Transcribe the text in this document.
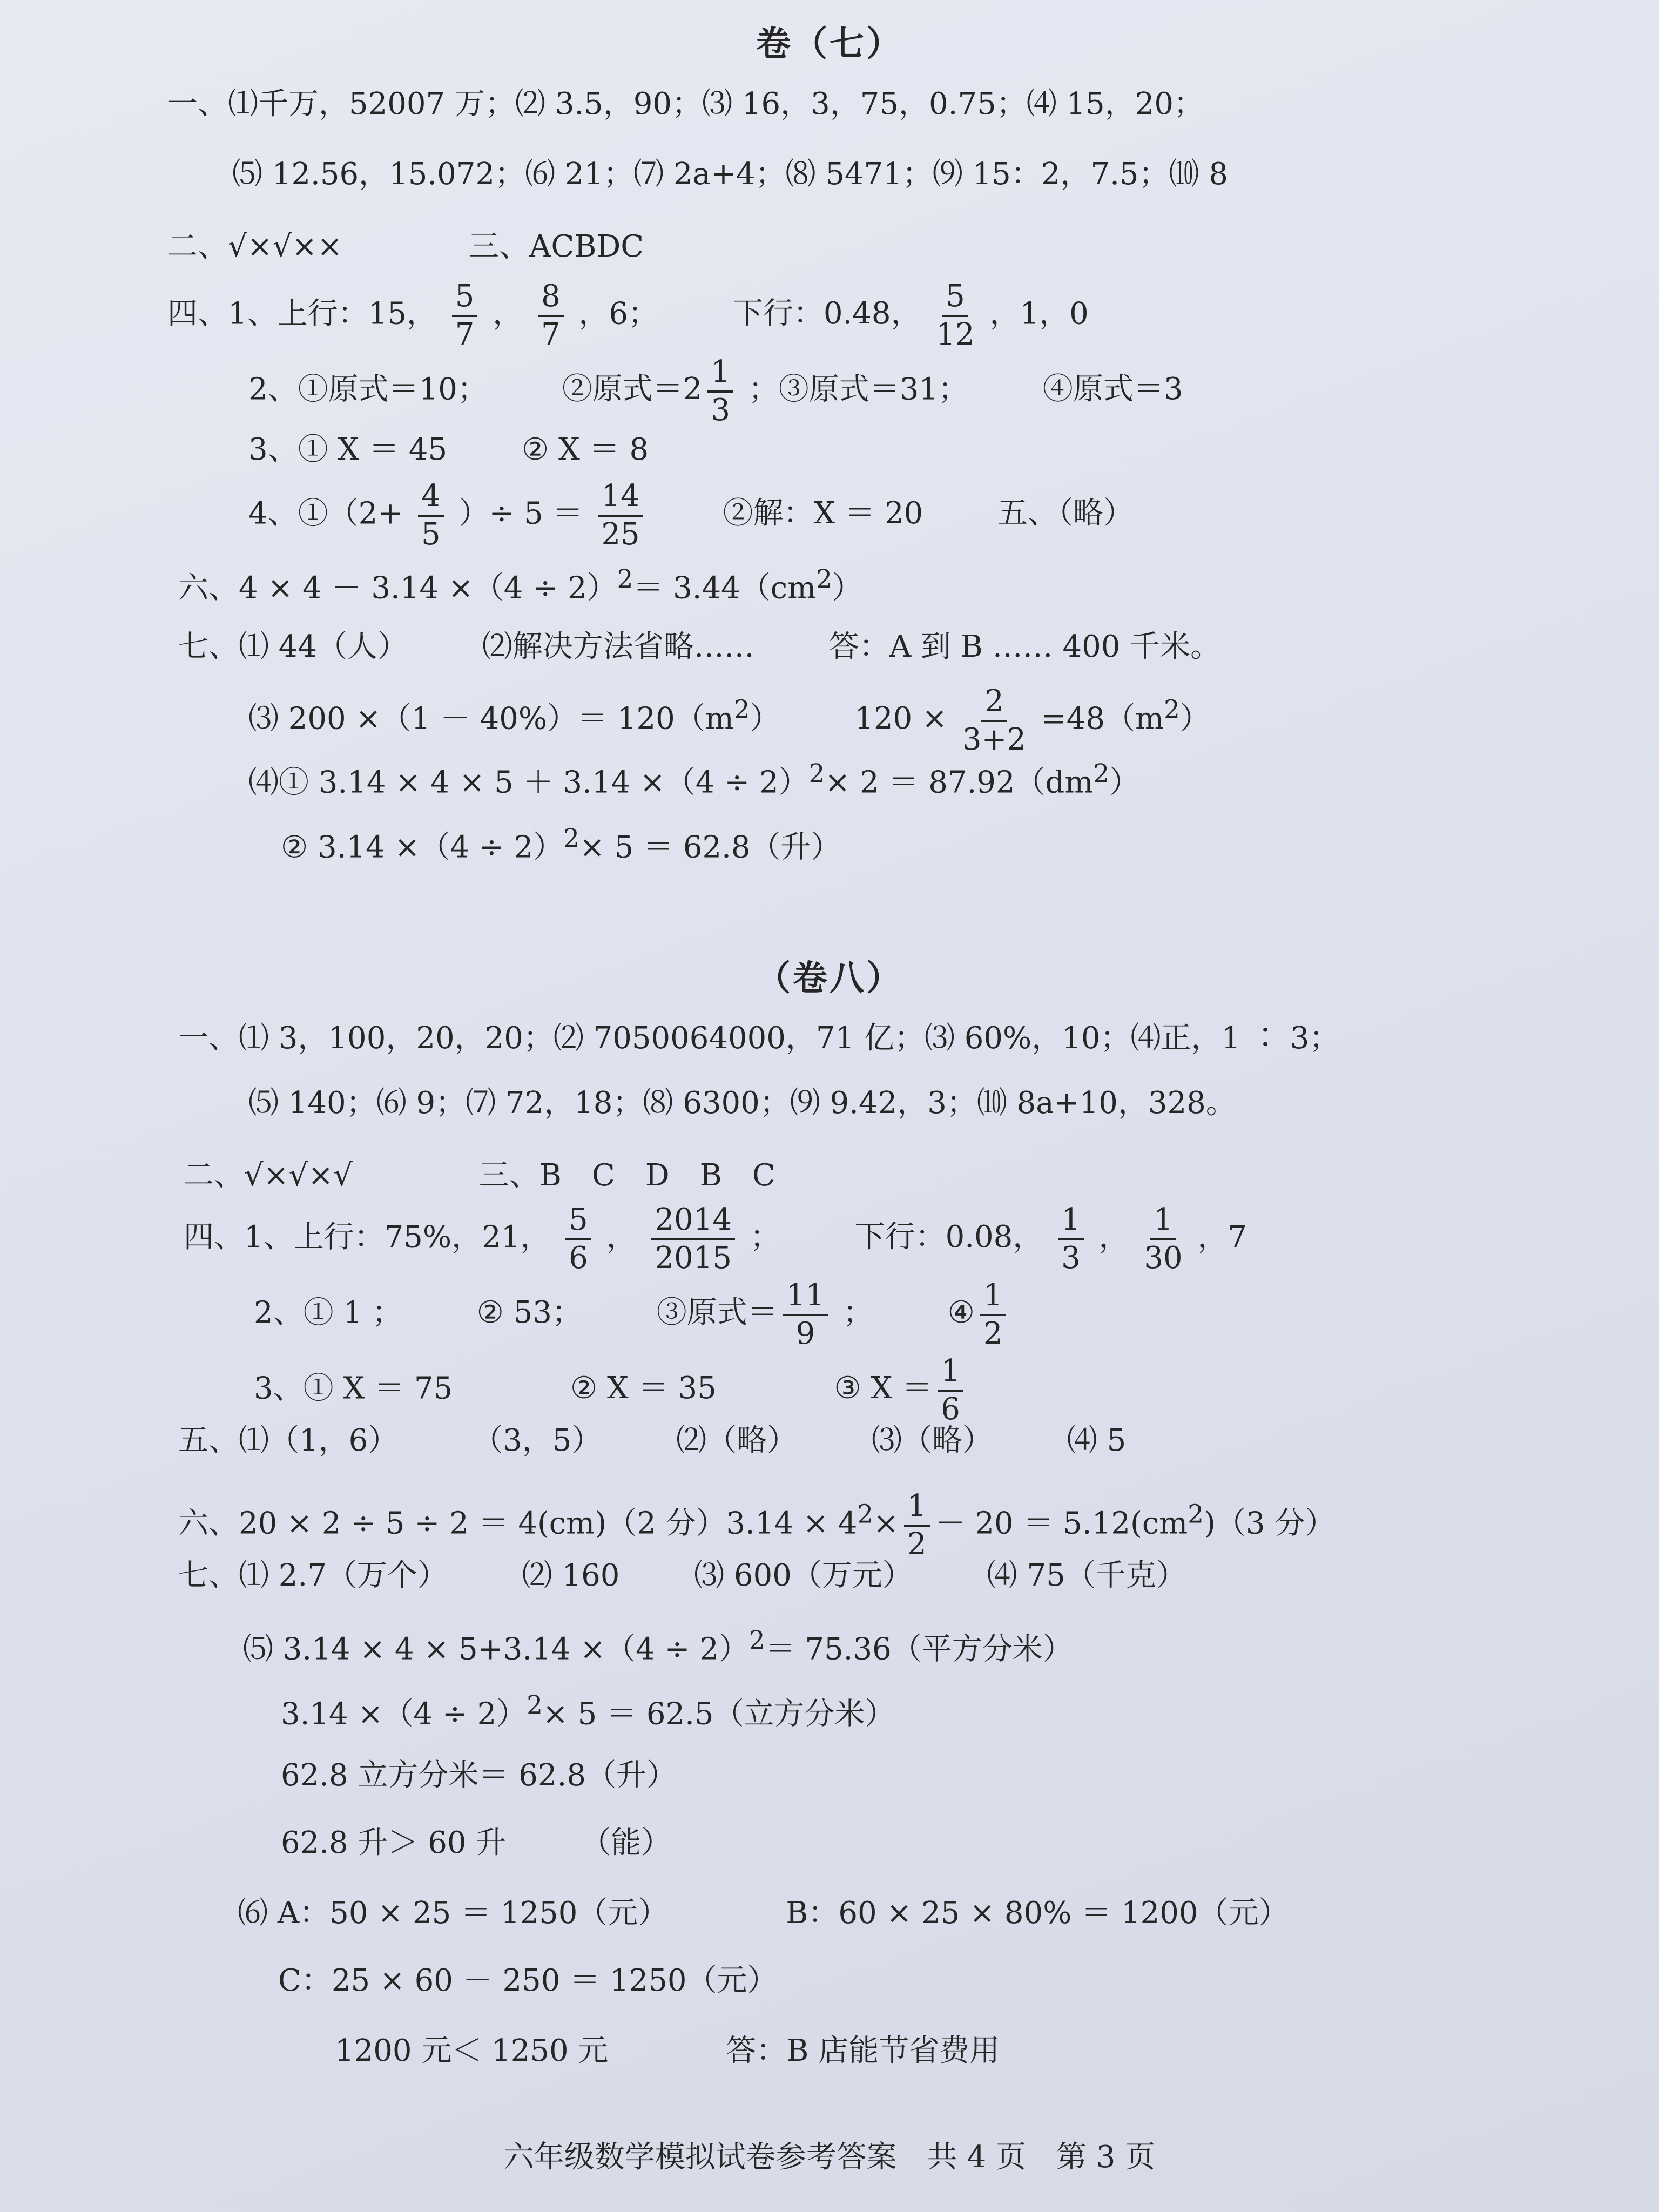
卷（七）
一、⑴千万，52007 万；⑵ 3.5，90；⑶ 16，3，75，0.75；⑷ 15，20；
⑸ 12.56，15.072；⑹ 21；⑺ 2a+4；⑻ 5471；⑼ 15：2，7.5；⑽ 8
二、√×√××	三、ACBDC
四、1、上行：15， $\frac{5}{7}$ ， $\frac{8}{7}$ ，6； 下行：0.48， $\frac{5}{12}$ ，1，0
2、①原式＝10； ②原式$=2 \frac{1}{3}$ ；③原式＝31； ④原式＝3
3、① X ＝ 45 ② X ＝ 8
4、①（2+ $\frac{4}{5}$ ）÷ $5 = \frac{14}{25}$	②解：X ＝ 20 五、（略）
六、$4 \times 4 - 3.14 \times(4 \div 2)^2= 3.44(cm^2)$
七、⑴ 44（人） ⑵解决方法省略…… 答：A 到 B …… 400 千米。
⑶ $200 \times(1 - 40\%)= 120(m^2) 120 \times \frac{2}{3+2} =48(m^2)$
⑷① $3.14 \times 4 \times 5 + 3.14 \times(4 \div 2)^2\times 2 = 87.92(dm^2)$
② $3.14 \times(4 \div 2)^2\times 5 = 62.8$（升）
（卷八）
一、⑴ 3，100，20，20；⑵ 7050064000，71 亿；⑶ 60%，10；⑷正，1 ∶ 3；
⑸ 140；⑹ 9；⑺ 72，18；⑻ 6300；⑼ 9.42，3；⑽ 8a+10，328。
二、√×√×√	三、B　C　D　B　C
四、1、上行：75%，21， $\frac{5}{6}$ ， $\frac{2014}{2015}$ ； 下行：0.08， $\frac{1}{3}$ ， $\frac{1}{30}$ ，7
2、① 1 ； ② 53； ③原式＝ $\frac{11}{9}$ ； ④ $\frac{1}{2}$
3、① X ＝ 75	② X ＝ 35	③ $X = \frac{1}{6}$
五、⑴（1，6） （3，5） ⑵（略） ⑶（略） ⑷ 5
六、20 × 2 ÷ 5 ÷ 2 ＝ 4(cm)（2 分）$3.14 \times 4^2\times \frac{1}{2} - 20 = 5.12(cm^2)(3$ 分）
七、⑴ 2.7（万个） ⑵ 160 ⑶ 600（万元） ⑷ 75（千克）
⑸ $3.14 \times 4 \times 5+3.14 \times(4 \div 2)^2= 75.36$（平方分米）
$3.14 \times(4 \div 2)^2\times 5 = 62.5$（立方分米）
62.8 立方分米＝ 62.8（升）
62.8 升＞ 60 升 （能）
⑹ A：50 × 25 ＝ 1250（元）	B：60 × 25 × 80% ＝ 1200（元）
C：25 × 60 － 250 ＝ 1250（元）
1200 元＜ 1250 元	答：B 店能节省费用
六年级数学模拟试卷参考答案　共 4 页　第 3 页
